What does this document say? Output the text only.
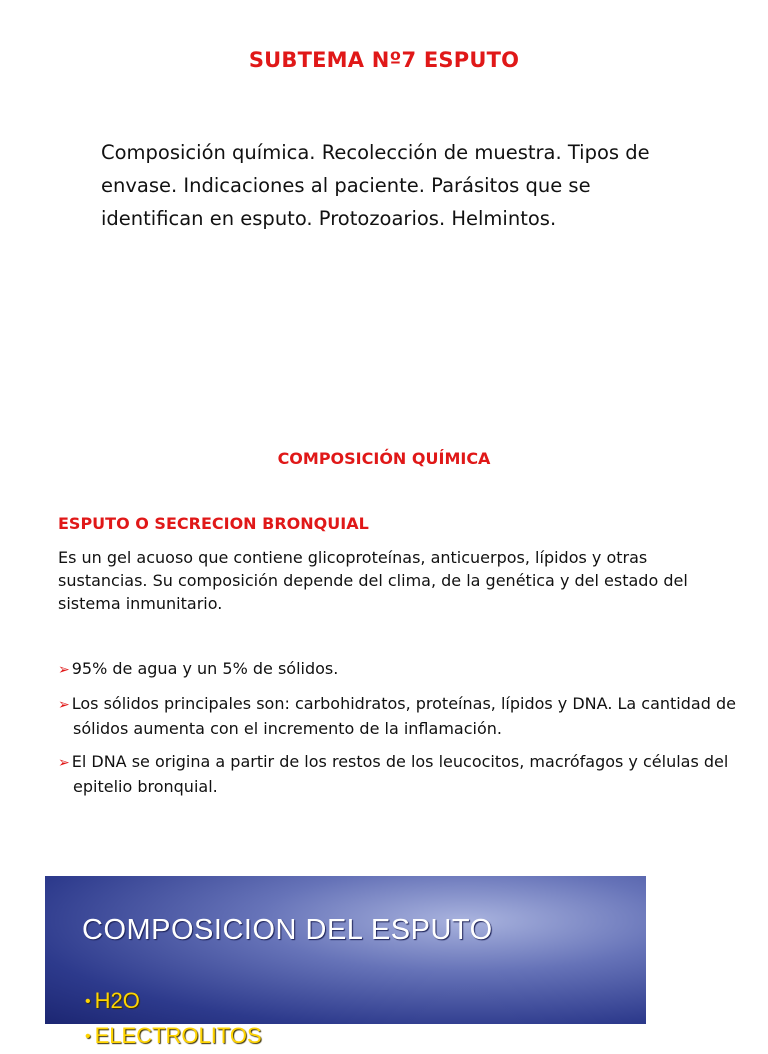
SUBTEMA Nº7 ESPUTO
Composición química. Recolección de muestra. Tipos de envase. Indicaciones al paciente. Parásitos que se identifican en esputo. Protozoarios. Helmintos.
COMPOSICIÓN QUÍMICA
ESPUTO O SECRECION BRONQUIAL
Es un gel acuoso que contiene glicoproteínas, anticuerpos, lípidos y otras sustancias. Su composición depende del clima, de la genética y del estado del sistema inmunitario.
➢ 95% de agua y un 5% de sólidos.
➢ Los sólidos principales son: carbohidratos, proteínas, lípidos y DNA. La cantidad de sólidos aumenta con el incremento de la inflamación.
➢ El DNA se origina a partir de los restos de los leucocitos, macrófagos y células del epitelio bronquial.
COMPOSICION DEL ESPUTO
• H2O
• ELECTROLITOS
